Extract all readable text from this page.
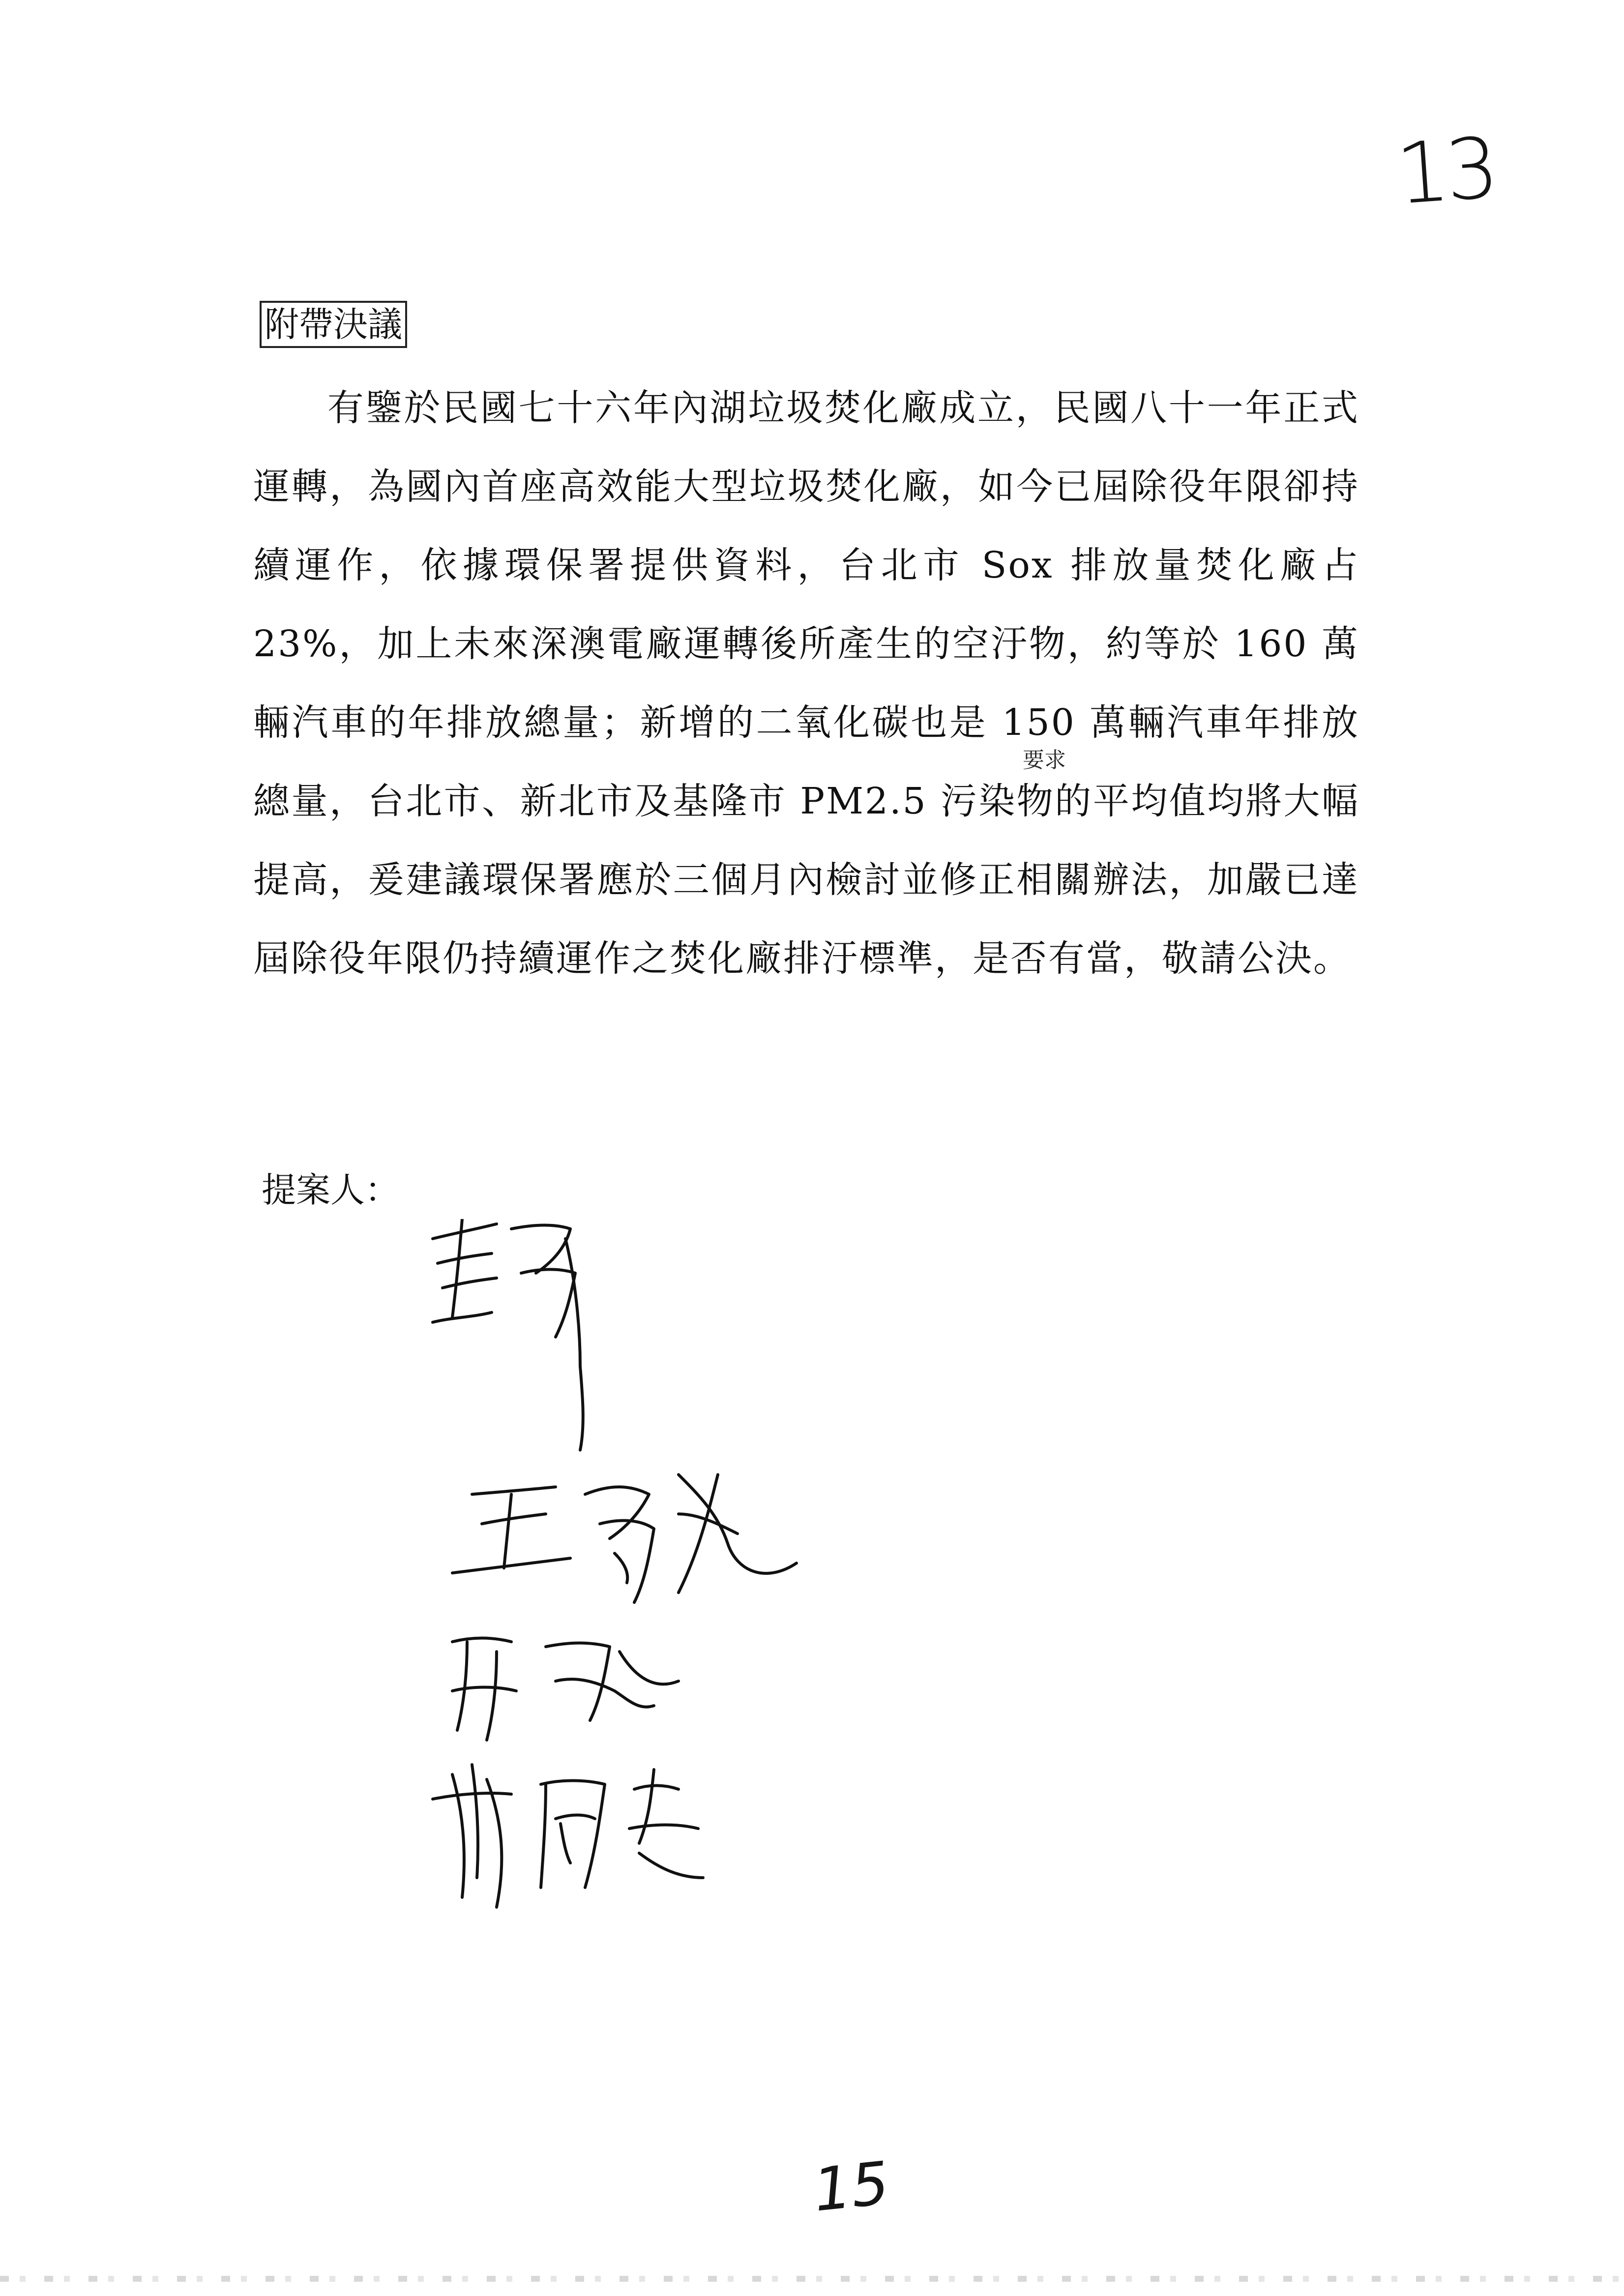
13
附帶決議
有鑒於民國七十六年內湖垃圾焚化廠成立，民國八十一年正式運轉，為國內首座高效能大型垃圾焚化廠，如今已屆除役年限卻持續運作，依據環保署提供資料，台北市 Sox 排放量焚化廠占 23%，加上未來深澳電廠運轉後所產生的空汙物，約等於 160 萬輛汽車的年排放總量；新增的二氧化碳也是 150 萬輛汽車年排放總量，台北市、新北市及基隆市 PM2.5 污染物的平均值均將大幅提高，爰建議環保署應於三個月內檢討並修正相關辦法，加嚴已達屆除役年限仍持續運作之焚化廠排汙標準，是否有當，敬請公決。
要求
提案人：
15
